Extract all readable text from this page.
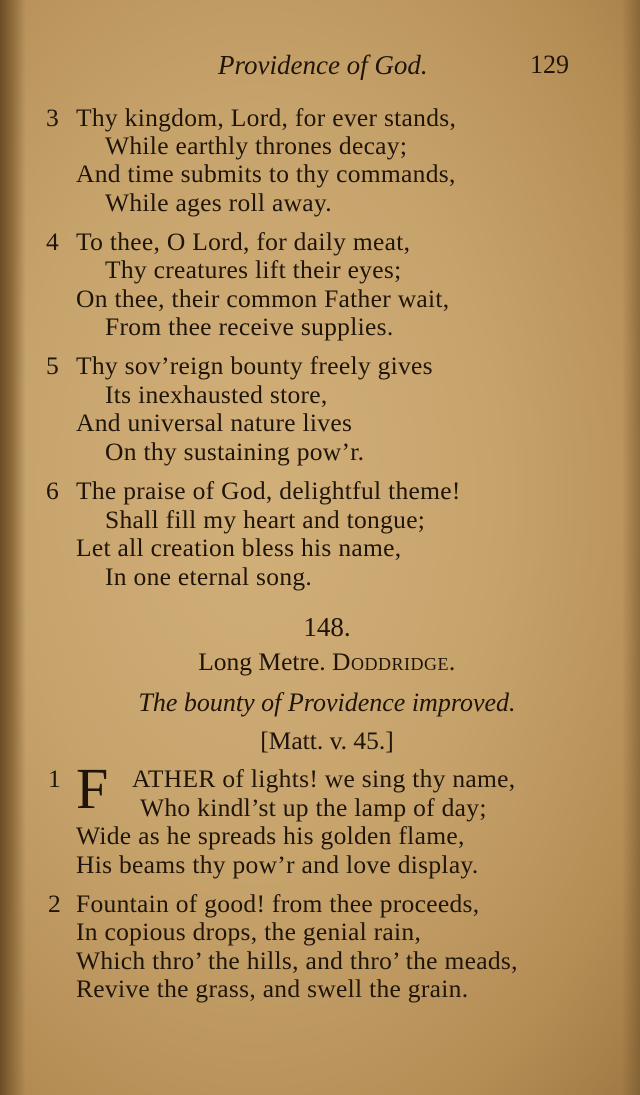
Providence of God.	129
3 Thy kingdom, Lord, for ever stands,
While earthly thrones decay;
And time submits to thy commands,
While ages roll away.
4 To thee, O Lord, for daily meat,
Thy creatures lift their eyes;
On thee, their common Father wait,
From thee receive supplies.
5 Thy sov’reign bounty freely gives
Its inexhausted store,
And universal nature lives
On thy sustaining pow’r.
6 The praise of God, delightful theme!
Shall fill my heart and tongue;
Let all creation bless his name,
In one eternal song.
148.
Long Metre. Doddridge.
The bounty of Providence improved.
[Matt. v. 45.]
1 F ATHER of lights! we sing thy name,
Who kindl’st up the lamp of day;
Wide as he spreads his golden flame,
His beams thy pow’r and love display.
2 Fountain of good! from thee proceeds,
In copious drops, the genial rain,
Which thro’ the hills, and thro’ the meads,
Revive the grass, and swell the grain.
